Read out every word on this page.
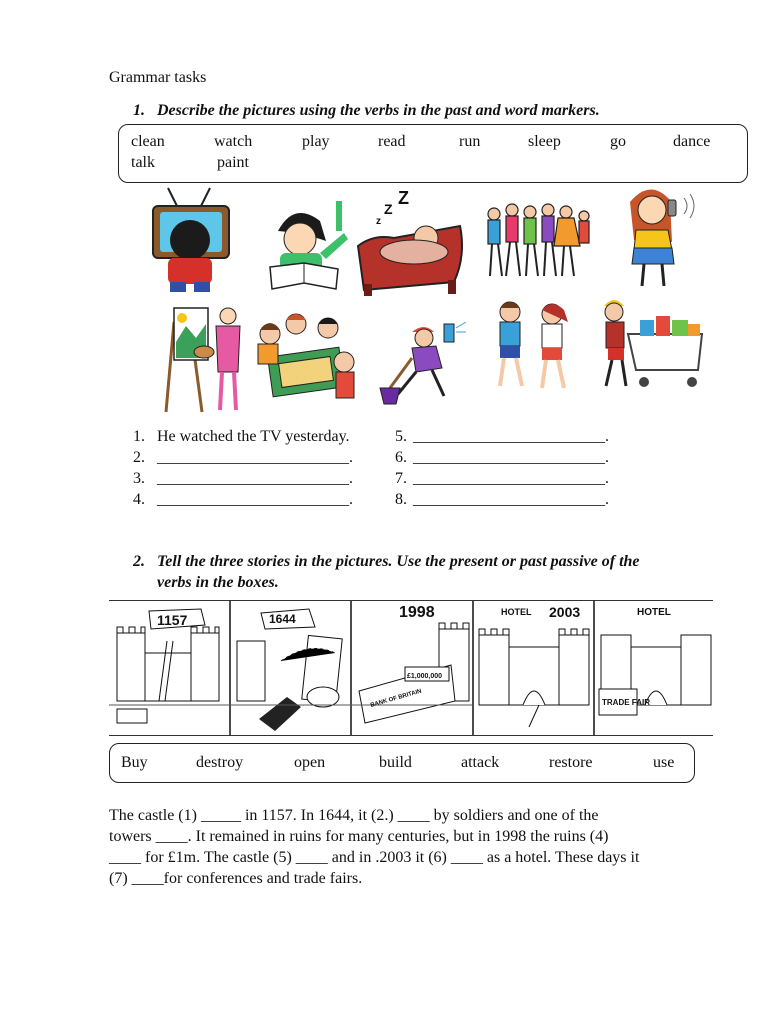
Grammar tasks
1. Describe the pictures using the verbs in the past and word markers.
clean	watch	play	read	run	sleep	go	dance
talk	paint
Z
Z
z
1. He watched the TV yesterday.
2. ________________________.
3. ________________________.
4. ________________________.
5. ________________________.
6. ________________________.
7. ________________________.
8. ________________________.
2. Tell the three stories in the pictures. Use the present or past passive of the
verbs in the boxes.
1157	1644	1998	HOTEL 2003	HOTEL
TRADE FAIR
BANK OF BRITAIN
£1,000,000
Buy	destroy	open	build	attack	restore	use
The castle (1) _____ in 1157. In 1644, it (2.) ____ by soldiers and one of the
towers ____. It remained in ruins for many centuries, but in 1998 the ruins (4)
____ for £1m. The castle (5) ____ and in .2003 it (6) ____ as a hotel. These days it
(7) ____for conferences and trade fairs.
